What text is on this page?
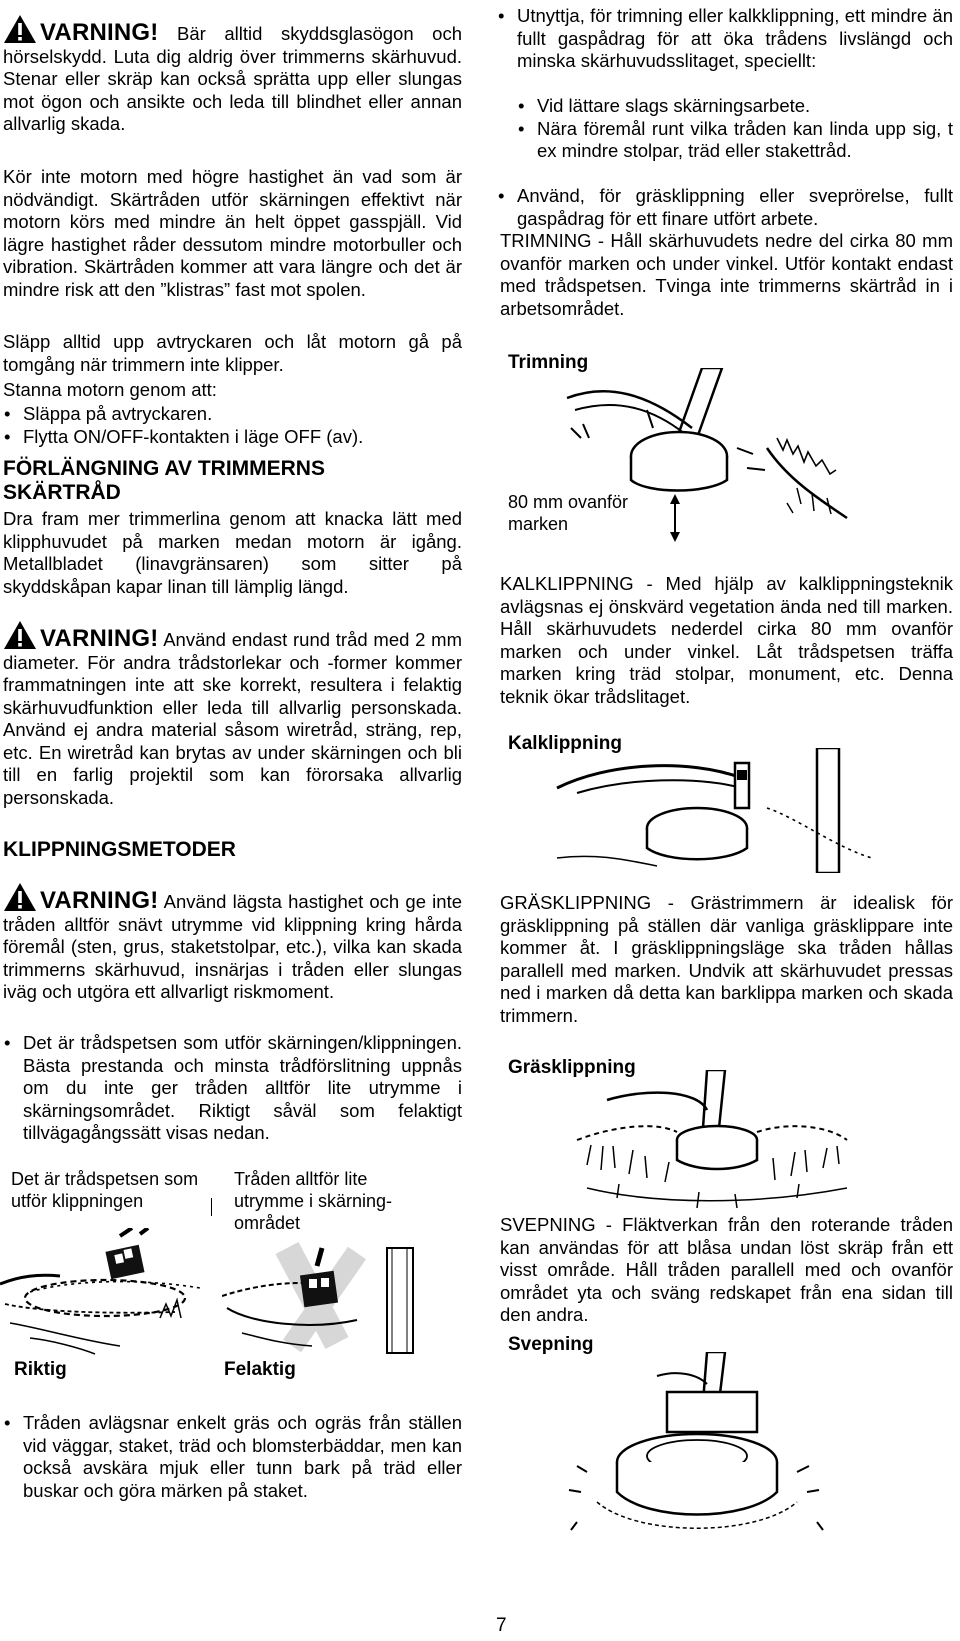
VARNING! Bär alltid skyddsglasögon och hörselskydd. Luta dig aldrig över trimmerns skärhuvud. Stenar eller skräp kan också sprätta upp eller slungas mot ögon och ansikte och leda till blindhet eller annan allvarlig skada.

Kör inte motorn med högre hastighet än vad som är nödvändigt. Skärtråden utför skärningen effektivt när motorn körs med mindre än helt öppet gasspjäll. Vid lägre hastighet råder dessutom mindre motorbuller och vibration. Skärtråden kommer att vara längre och det är mindre risk att den ”klistras” fast mot spolen.

Släpp alltid upp avtryckaren och låt motorn gå på tomgång när trimmern inte klipper.

Stanna motorn genom att:

• Släppa på avtryckaren.
• Flytta ON/OFF-kontakten i läge OFF (av).
FÖRLÄNGNING AV TRIMMERNS SKÄRTRÅD

Dra fram mer trimmerlina genom att knacka lätt med klipphuvudet på marken medan motorn är igång. Metallbladet (linavgränsaren) som sitter på skyddskåpan kapar linan till lämplig längd.

VARNING! Använd endast rund tråd med 2 mm diameter. För andra trådstorlekar och -former kommer frammatningen inte att ske korrekt, resultera i felaktig skärhuvudfunktion eller leda till allvarlig personskada. Använd ej andra material såsom wiretråd, sträng, rep, etc. En wiretråd kan brytas av under skärningen och bli till en farlig projektil som kan förorsaka allvarlig personskada.

KLIPPNINGSMETODER

VARNING! Använd lägsta hastighet och ge inte tråden alltför snävt utrymme vid klippning kring hårda föremål (sten, grus, staketstolpar, etc.), vilka kan skada trimmerns skärhuvud, insnärjas i tråden eller slungas iväg och utgöra ett allvarligt riskmoment.

• Det är trådspetsen som utför skärningen/klippningen. Bästa prestanda och minsta trådförslitning uppnås om du inte ger tråden alltför lite utrymme i skärningsområdet. Riktigt såväl som felaktigt tillvägagångssätt visas nedan.
Det är trådspetsen som utför klippningen
Tråden alltför lite utrymme i skärning-området
Riktig	Felaktig
• Tråden avlägsnar enkelt gräs och ogräs från ställen vid väggar, staket, träd och blomsterbäddar, men kan också avskära mjuk eller tunn bark på träd eller buskar och göra märken på staket.
• Utnyttja, för trimning eller kalkklippning, ett mindre än fullt gaspådrag för att öka trådens livslängd och minska skärhuvudsslitaget, speciellt:
• Vid lättare slags skärningsarbete.
• Nära föremål runt vilka tråden kan linda upp sig, t ex mindre stolpar, träd eller stakettråd.
• Använd, för gräsklippning eller sveprörelse, fullt gaspådrag för ett finare utfört arbete.

TRIMNING - Håll skärhuvudets nedre del cirka 80 mm ovanför marken och under vinkel. Utför kontakt endast med trådspetsen. Tvinga inte trimmerns skärtråd in i arbetsområdet.

Trimning
80 mm ovanför marken

KALKLIPPNING - Med hjälp av kalklippningsteknik avlägsnas ej önskvärd vegetation ända ned till marken. Håll skärhuvudets nederdel cirka 80 mm ovanför marken och under vinkel. Låt trådspetsen träffa marken kring träd stolpar, monument, etc. Denna teknik ökar trådslitaget.

Kalklippning

GRÄSKLIPPNING - Grästrimmern är idealisk för gräsklippning på ställen där vanliga gräsklippare inte kommer åt. I gräsklippningsläge ska tråden hållas parallell med marken. Undvik att skärhuvudet pressas ned i marken då detta kan barklippa marken och skada trimmern.

Gräsklippning

SVEPNING - Fläktverkan från den roterande tråden kan användas för att blåsa undan löst skräp från ett visst område. Håll tråden parallell med och ovanför området yta och sväng redskapet från ena sidan till den andra.

Svepning
7
